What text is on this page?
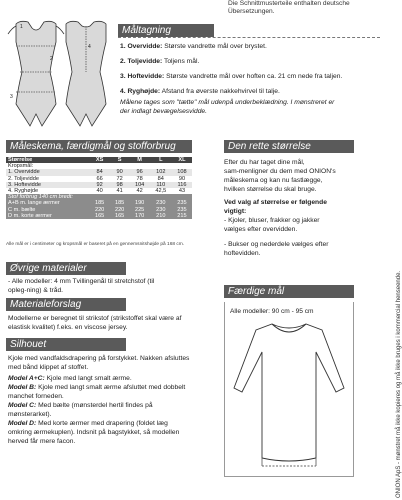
Die Schnittmusterteile enthalten deutsche
Übersetzungen.
1
2
3
4
Måltagning
1. Overvidde: Største vandrette mål over brystet.
2. Toljevidde: Toljens mål.
3. Hoftevidde: Største vandrette mål over hoften ca. 21 cm nede fra taljen.
4. Ryghøjde: Afstand fra øverste nakkehvirvel til talje.
Målene tages som "tætte" mål udenpå underbeklædning. I mønstreret er
der indlagt bevægelsesvidde.
Måleskema, færdigmål og stofforbrug
Størrelse	XS	S	M	L	XL
Kropsmål:					
1. Overvidde	84	90	96	102	108
2. Toljevidde	66	72	78	84	90
3. Hoftevidde	92	98	104	110	116
4. Ryghøjde	40	41	42	42,5	43
Stof forbrug 140 cm bredt:					
A+B m. lange ærmer	185	185	190	230	235
C m. bælte	220	220	225	230	235
D m. korte ærmer	165	165	170	210	215
Alle mål er i centimeter og kropsmål er baseret på en gennemsnitshøjde på 168 cm.
Den rette størrelse
Efter du har taget dine mål,
sam-menligner du dem med ONION's
måleskema og kan nu fastlægge,
hvilken størrelse du skal bruge.
Ved valg af størrelse er følgende
vigtigt:
- Kjoler, bluser, frakker og jakker
vælges efter overvidden.
- Bukser og nederdele vælges efter
hoftevidden.
Øvrige materialer
- Alle modeller: 4 mm Tvillingenål til stretchstof (til
opleg-ning) & tråd.
Materialeforslag
Modellerne er beregnet til strikstof (strikstoffet skal være af
elastisk kvalitet) f.eks. en viscose jersey.
Silhouet
Kjole med vandfaldsdrapering på forstykket. Nakken afsluttes
med bånd klippet af stoffet.
Model A+C: Kjole med langt smalt ærme.
Model B: Kjole med langt smalt ærme afsluttet med dobbelt
manchet forneden.
Model C: Med bælte (mønsterdel hertil findes på
mønsterarket).
Model D: Med korte ærmer med drapering (foldet læg
omkring ærmekuplen). Indsnit på bagstykket, så modellen
herved får mere facon.
Færdige mål
Alle modeller: 90 cm - 95 cm	ONION ApS - mønstret må ikke kopieres og må ikke bruges i kommercial henseende.
